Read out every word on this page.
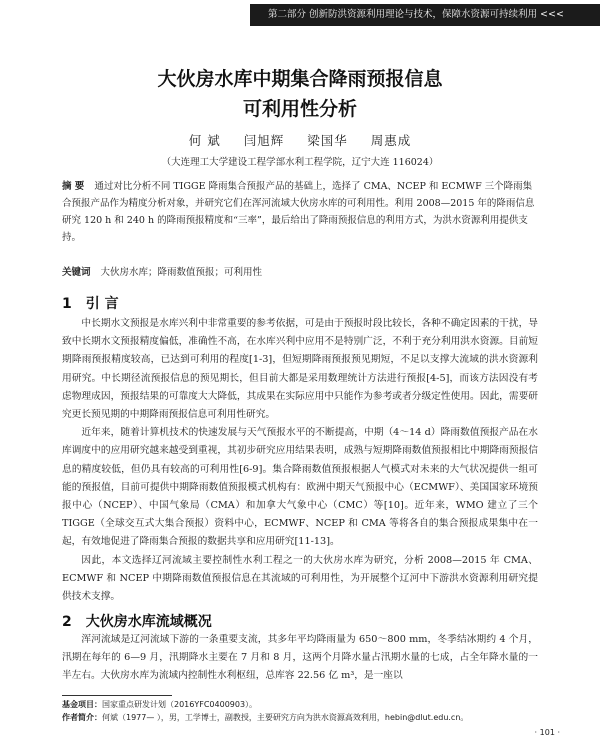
第二部分 创新防洪资源利用理论与技术，保障水资源可持续利用 <<<
大伙房水库中期集合降雨预报信息
可利用性分析
何 斌 闫旭辉 梁国华 周惠成
（大连理工大学建设工程学部水利工程学院，辽宁大连 116024）
摘 要 通过对比分析不同 TIGGE 降雨集合预报产品的基础上，选择了 CMA、NCEP 和 ECMWF 三个降雨集合预报产品作为精度分析对象，并研究它们在浑河流域大伙房水库的可利用性。利用 2008—2015 年的降雨信息研究 120 h 和 240 h 的降雨预报精度和“三率”，最后给出了降雨预报信息的利用方式，为洪水资源利用提供支持。
关键词 大伙房水库；降雨数值预报；可利用性
1 引 言

中长期水文预报是水库兴利中非常重要的参考依据，可是由于预报时段比较长，各种不确定因素的干扰，导致中长期水文预报精度偏低，准确性不高，在水库兴利中应用不是特别广泛，不利于充分利用洪水资源。目前短期降雨预报精度较高，已达到可利用的程度[1-3]，但短期降雨预报预见期短，不足以支撑大流域的洪水资源利用研究。中长期径流预报信息的预见期长，但目前大都是采用数理统计方法进行预报[4-5]，而该方法因没有考虑物理成因，预报结果的可靠度大大降低，其成果在实际应用中只能作为参考或者分级定性使用。因此，需要研究更长预见期的中期降雨预报信息可利用性研究。

近年来，随着计算机技术的快速发展与天气预报水平的不断提高，中期（4～14 d）降雨数值预报产品在水库调度中的应用研究越来越受到重视，其初步研究应用结果表明，成熟与短期降雨数值预报相比中期降雨预报信息的精度较低，但仍具有较高的可利用性[6-9]。集合降雨数值预报根据人气模式对未来的大气状况提供一组可能的预报值，目前可提供中期降雨数值预报模式机构有：欧洲中期天气预报中心（ECMWF）、美国国家环境预报中心（NCEP）、中国气象局（CMA）和加拿大气象中心（CMC）等[10]。近年来，WMO 建立了三个 TIGGE（全球交互式大集合预报）资料中心，ECMWF、NCEP 和 CMA 等将各自的集合预报成果集中在一起，有效地促进了降雨集合预报的数据共享和应用研究[11-13]。

因此，本文选择辽河流域主要控制性水利工程之一的大伙房水库为研究，分析 2008—2015 年 CMA、ECMWF 和 NCEP 中期降雨数值预报信息在其流域的可利用性，为开展整个辽河中下游洪水资源利用研究提供技术支撑。

2 大伙房水库流域概况

浑河流域是辽河流域下游的一条重要支流，其多年平均降雨量为 650～800 mm，冬季结冰期约 4 个月，汛期在每年的 6—9 月，汛期降水主要在 7 月和 8 月，这两个月降水量占汛期水量的七成，占全年降水量的一半左右。大伙房水库为流域内控制性水利枢纽，总库容 22.56 亿 m³，是一座以

基金项目：国家重点研发计划（2016YFC0400903）。
作者简介：何斌（1977— ），男，工学博士，副教授，主要研究方向为洪水资源高效利用，hebin@dlut.edu.cn。
· 101 ·
